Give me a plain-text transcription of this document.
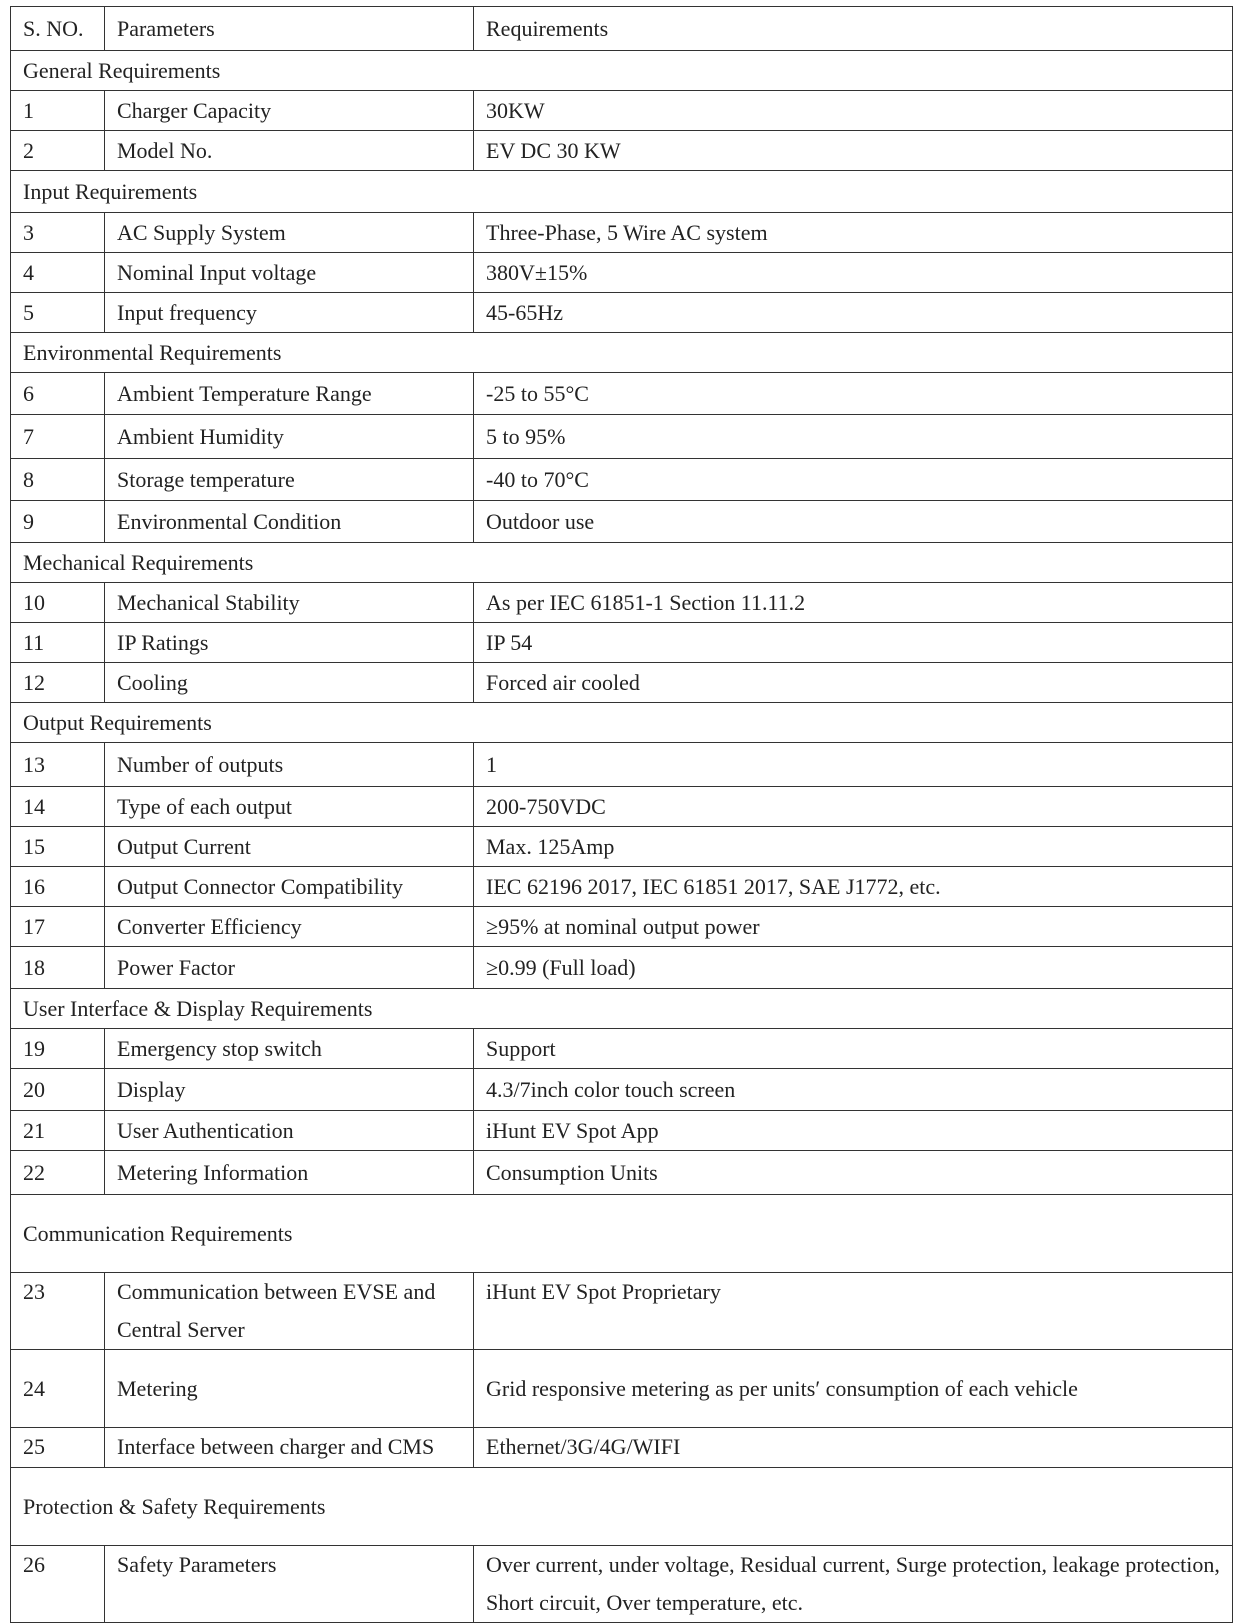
S. NO.	Parameters	Requirements
General Requirements		
1	Charger Capacity	30KW
2	Model No.	EV DC 30 KW
Input Requirements		
3	AC Supply System	Three-Phase, 5 Wire AC system
4	Nominal Input voltage	380V±15%
5	Input frequency	45-65Hz
Environmental Requirements		
6	Ambient Temperature Range	-25 to 55°C
7	Ambient Humidity	5 to 95%
8	Storage temperature	-40 to 70°C
9	Environmental Condition	Outdoor use
Mechanical Requirements		
10	Mechanical Stability	As per IEC 61851-1 Section 11.11.2
11	IP Ratings	IP 54
12	Cooling	Forced air cooled
Output Requirements		
13	Number of outputs	1
14	Type of each output	200-750VDC
15	Output Current	Max. 125Amp
16	Output Connector Compatibility	IEC 62196 2017, IEC 61851 2017, SAE J1772, etc.
17	Converter Efficiency	≥95% at nominal output power
18	Power Factor	≥0.99 (Full load)
User Interface & Display Requirements		
19	Emergency stop switch	Support
20	Display	4.3/7inch color touch screen
21	User Authentication	iHunt EV Spot App
22	Metering Information	Consumption Units
Communication Requirements		
23	Communication between EVSE and Central Server	iHunt EV Spot Proprietary
24	Metering	Grid responsive metering as per units′ consumption of each vehicle
25	Interface between charger and CMS	Ethernet/3G/4G/WIFI
Protection & Safety Requirements		
26	Safety Parameters	Over current, under voltage, Residual current, Surge protection, leakage protection, Short circuit, Over temperature, etc.
